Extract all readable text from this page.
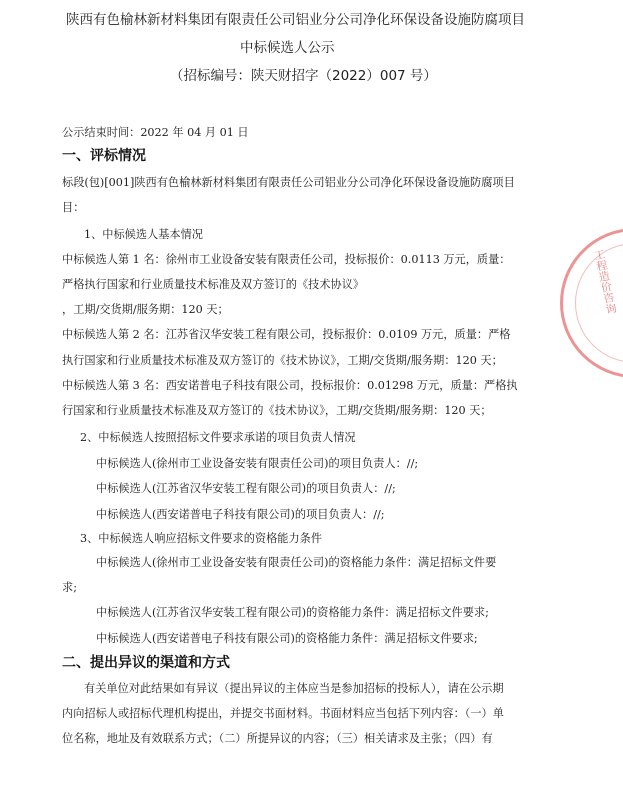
陕西有色榆林新材料集团有限责任公司铝业分公司净化环保设备设施防腐项目
中标候选人公示
（招标编号：陕天财招字（2022）007 号）
公示结束时间：2022 年 04 月 01 日
一、评标情况
标段(包)[001]陕西有色榆林新材料集团有限责任公司铝业分公司净化环保设备设施防腐项目
目：
1、中标候选人基本情况
中标候选人第 1 名：徐州市工业设备安装有限责任公司，投标报价：0.0113 万元，质量：
严格执行国家和行业质量技术标准及双方签订的《技术协议》
，工期/交货期/服务期：120 天；
中标候选人第 2 名：江苏省汉华安装工程有限公司，投标报价：0.0109 万元，质量：严格
执行国家和行业质量技术标准及双方签订的《技术协议》，工期/交货期/服务期：120 天；
中标候选人第 3 名：西安诺普电子科技有限公司，投标报价：0.01298 万元，质量：严格执
行国家和行业质量技术标准及双方签订的《技术协议》，工期/交货期/服务期：120 天；
2、中标候选人按照招标文件要求承诺的项目负责人情况
中标候选人(徐州市工业设备安装有限责任公司)的项目负责人：//;
中标候选人(江苏省汉华安装工程有限公司)的项目负责人：//;
中标候选人(西安诺普电子科技有限公司)的项目负责人：//;
3、中标候选人响应招标文件要求的资格能力条件
中标候选人(徐州市工业设备安装有限责任公司)的资格能力条件：满足招标文件要
求;
中标候选人(江苏省汉华安装工程有限公司)的资格能力条件：满足招标文件要求;
中标候选人(西安诺普电子科技有限公司)的资格能力条件：满足招标文件要求;
二、提出异议的渠道和方式
有关单位对此结果如有异议（提出异议的主体应当是参加招标的投标人），请在公示期
内向招标人或招标代理机构提出，并提交书面材料。书面材料应当包括下列内容：（一）单
位名称，地址及有效联系方式；（二）所提异议的内容；（三）相关请求及主张；（四）有
工程造价咨询
